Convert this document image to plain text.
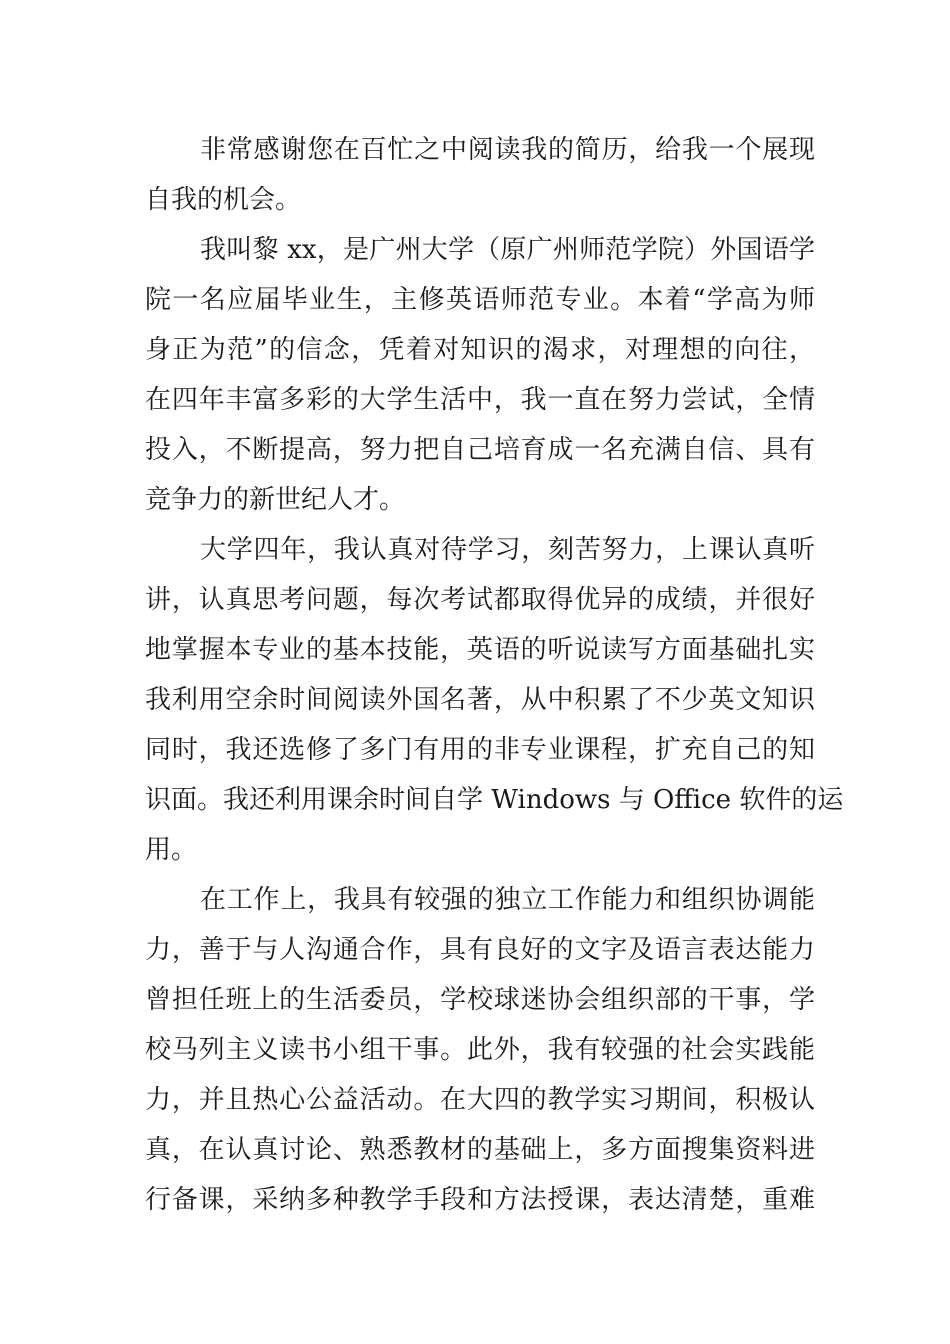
非常感谢您在百忙之中阅读我的简历，给我一个展现
自我的机会。
我叫黎 xx，是广州大学（原广州师范学院）外国语学
院一名应届毕业生，主修英语师范专业。本着“学高为师
身正为范”的信念，凭着对知识的渴求，对理想的向往，
在四年丰富多彩的大学生活中，我一直在努力尝试，全情
投入，不断提高，努力把自己培育成一名充满自信、具有
竞争力的新世纪人才。
大学四年，我认真对待学习，刻苦努力，上课认真听
讲，认真思考问题，每次考试都取得优异的成绩，并很好
地掌握本专业的基本技能，英语的听说读写方面基础扎实
我利用空余时间阅读外国名著，从中积累了不少英文知识
同时，我还选修了多门有用的非专业课程，扩充自己的知
识面。我还利用课余时间自学 Windows 与 Office 软件的运
用。
在工作上，我具有较强的独立工作能力和组织协调能
力，善于与人沟通合作，具有良好的文字及语言表达能力
曾担任班上的生活委员，学校球迷协会组织部的干事，学
校马列主义读书小组干事。此外，我有较强的社会实践能
力，并且热心公益活动。在大四的教学实习期间，积极认
真，在认真讨论、熟悉教材的基础上，多方面搜集资料进
行备课，采纳多种教学手段和方法授课，表达清楚，重难
